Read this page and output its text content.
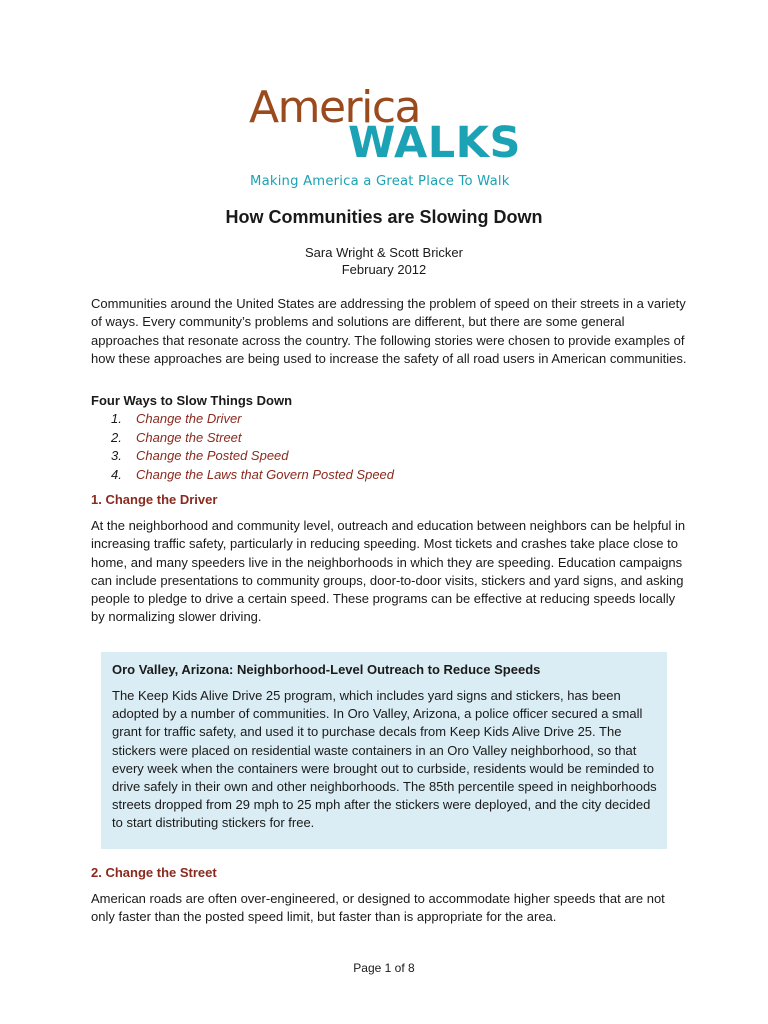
America

WALKS

Making America a Great Place To Walk

How Communities are Slowing Down
Sara Wright & Scott Bricker
February 2012

Communities around the United States are addressing the problem of speed on their streets in a variety of ways. Every community’s problems and solutions are different, but there are some general approaches that resonate across the country. The following stories were chosen to provide examples of how these approaches are being used to increase the safety of all road users in American communities.

Four Ways to Slow Things Down

1.	Change the Driver
2.	Change the Street
3.	Change the Posted Speed
4.	Change the Laws that Govern Posted Speed

1. Change the Driver

At the neighborhood and community level, outreach and education between neighbors can be helpful in increasing traffic safety, particularly in reducing speeding. Most tickets and crashes take place close to home, and many speeders live in the neighborhoods in which they are speeding. Education campaigns can include presentations to community groups, door-to-door visits, stickers and yard signs, and asking people to pledge to drive a certain speed. These programs can be effective at reducing speeds locally by normalizing slower driving.

Oro Valley, Arizona: Neighborhood-Level Outreach to Reduce Speeds

The Keep Kids Alive Drive 25 program, which includes yard signs and stickers, has been adopted by a number of communities. In Oro Valley, Arizona, a police officer secured a small grant for traffic safety, and used it to purchase decals from Keep Kids Alive Drive 25. The stickers were placed on residential waste containers in an Oro Valley neighborhood, so that every week when the containers were brought out to curbside, residents would be reminded to drive safely in their own and other neighborhoods. The 85th percentile speed in neighborhoods streets dropped from 29 mph to 25 mph after the stickers were deployed, and the city decided to start distributing stickers for free.

2. Change the Street

American roads are often over-engineered, or designed to accommodate higher speeds that are not only faster than the posted speed limit, but faster than is appropriate for the area.

Page 1 of 8
